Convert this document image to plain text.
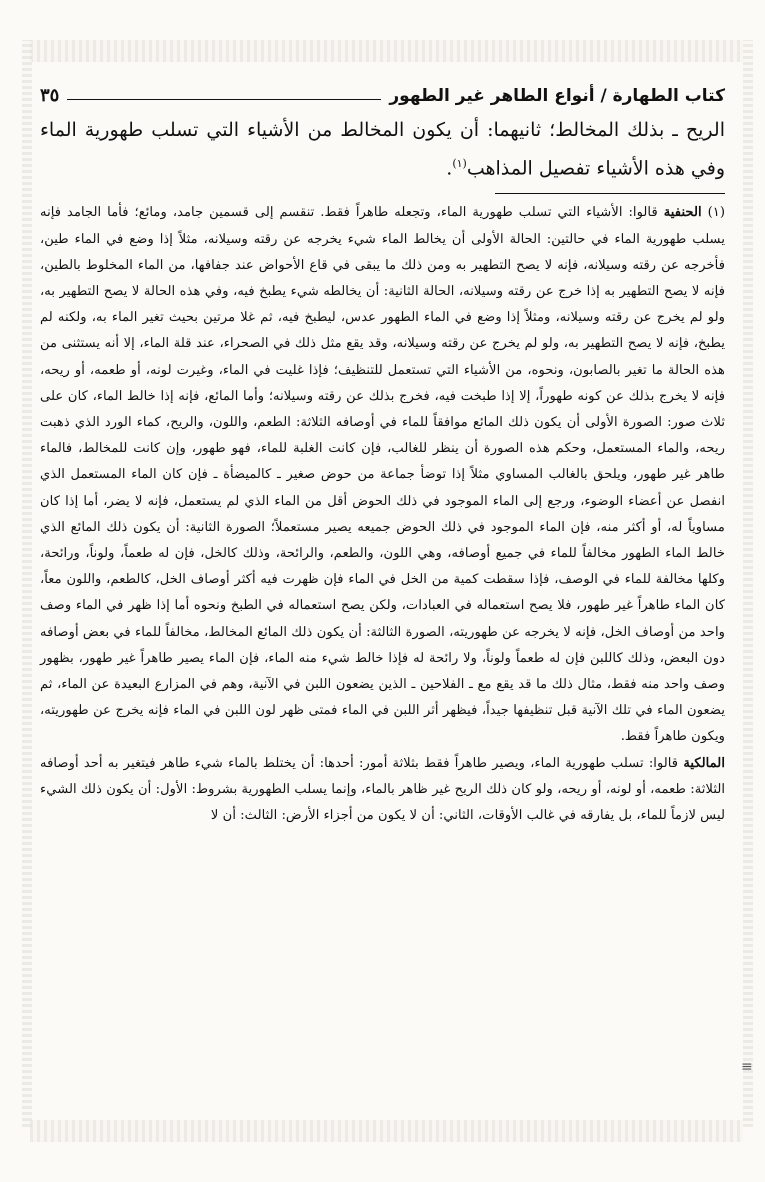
كتاب الطهارة / أنواع الطاهر غير الطهور
٣٥
الريح ـ بذلك المخالط؛ ثانيهما: أن يكون المخالط من الأشياء التي تسلب طهورية الماء وفي هذه الأشياء تفصيل المذاهب$^{(١)}$.

(١) الحنفية قالوا: الأشياء التي تسلب طهورية الماء، وتجعله طاهراً فقط. تنقسم إلى قسمين جامد، ومائع؛ فأما الجامد فإنه يسلب طهورية الماء في حالتين: الحالة الأولى أن يخالط الماء شيء يخرجه عن رقته وسيلانه، مثلاً إذا وضع في الماء طين، فأخرجه عن رقته وسيلانه، فإنه لا يصح التطهير به ومن ذلك ما يبقى في قاع الأحواض عند جفافها، من الماء المخلوط بالطين، فإنه لا يصح التطهير به إذا خرج عن رقته وسيلانه، الحالة الثانية: أن يخالطه شيء يطبخ فيه، وفي هذه الحالة لا يصح التطهير به، ولو لم يخرج عن رقته وسيلانه، ومثلاً إذا وضع في الماء الطهور عدس، ليطبخ فيه، ثم غلا مرتين بحيث تغير الماء به، ولكنه لم يطبخ، فإنه لا يصح التطهير به، ولو لم يخرج عن رقته وسيلانه، وقد يقع مثل ذلك في الصحراء، عند قلة الماء، إلا أنه يستثنى من هذه الحالة ما تغير بالصابون، ونحوه، من الأشياء التي تستعمل للتنظيف؛ فإذا غليت في الماء، وغيرت لونه، أو طعمه، أو ريحه، فإنه لا يخرج بذلك عن كونه طهوراً، إلا إذا طبخت فيه، فخرج بذلك عن رقته وسيلانه؛ وأما المائع، فإنه إذا خالط الماء، كان على ثلاث صور: الصورة الأولى أن يكون ذلك المائع موافقاً للماء في أوصافه الثلاثة: الطعم، واللون، والريح، كماء الورد الذي ذهبت ريحه، والماء المستعمل، وحكم هذه الصورة أن ينظر للغالب، فإن كانت الغلبة للماء، فهو طهور، وإن كانت للمخالط، فالماء طاهر غير طهور، ويلحق بالغالب المساوي مثلاً إذا توضأ جماعة من حوض صغير ـ كالميضأة ـ فإن كان الماء المستعمل الذي انفصل عن أعضاء الوضوء، ورجع إلى الماء الموجود في ذلك الحوض أقل من الماء الذي لم يستعمل، فإنه لا يضر، أما إذا كان مساوياً له، أو أكثر منه، فإن الماء الموجود في ذلك الحوض جميعه يصير مستعملاً؛ الصورة الثانية: أن يكون ذلك المائع الذي خالط الماء الطهور مخالفاً للماء في جميع أوصافه، وهي اللون، والطعم، والرائحة، وذلك كالخل، فإن له طعماً، ولوناً، ورائحة، وكلها مخالفة للماء في الوصف، فإذا سقطت كمية من الخل في الماء فإن ظهرت فيه أكثر أوصاف الخل، كالطعم، واللون معاً، كان الماء طاهراً غير طهور، فلا يصح استعماله في العبادات، ولكن يصح استعماله في الطبخ ونحوه أما إذا ظهر في الماء وصف واحد من أوصاف الخل، فإنه لا يخرجه عن طهوريته، الصورة الثالثة: أن يكون ذلك المائع المخالط، مخالفاً للماء في بعض أوصافه دون البعض، وذلك كاللبن فإن له طعماً ولوناً، ولا رائحة له فإذا خالط شيء منه الماء، فإن الماء يصير طاهراً غير طهور، بظهور وصف واحد منه فقط، مثال ذلك ما قد يقع مع ـ الفلاحين ـ الذين يضعون اللبن في الآنية، وهم في المزارع البعيدة عن الماء، ثم يضعون الماء في تلك الآنية قبل تنظيفها جيداً، فيظهر أثر اللبن في الماء فمتى ظهر لون اللبن في الماء فإنه يخرج عن طهوريته، ويكون طاهراً فقط.

المالكية قالوا: تسلب طهورية الماء، ويصير طاهراً فقط بثلاثة أمور: أحدها: أن يختلط بالماء شيء طاهر فيتغير به أحد أوصافه الثلاثة: طعمه، أو لونه، أو ريحه، ولو كان ذلك الريح غير ظاهر بالماء، وإنما يسلب الطهورية بشروط: الأول: أن يكون ذلك الشيء ليس لازماً للماء، بل يفارقه في غالب الأوقات، الثاني: أن لا يكون من أجزاء الأرض: الثالث: أن لا

≡
